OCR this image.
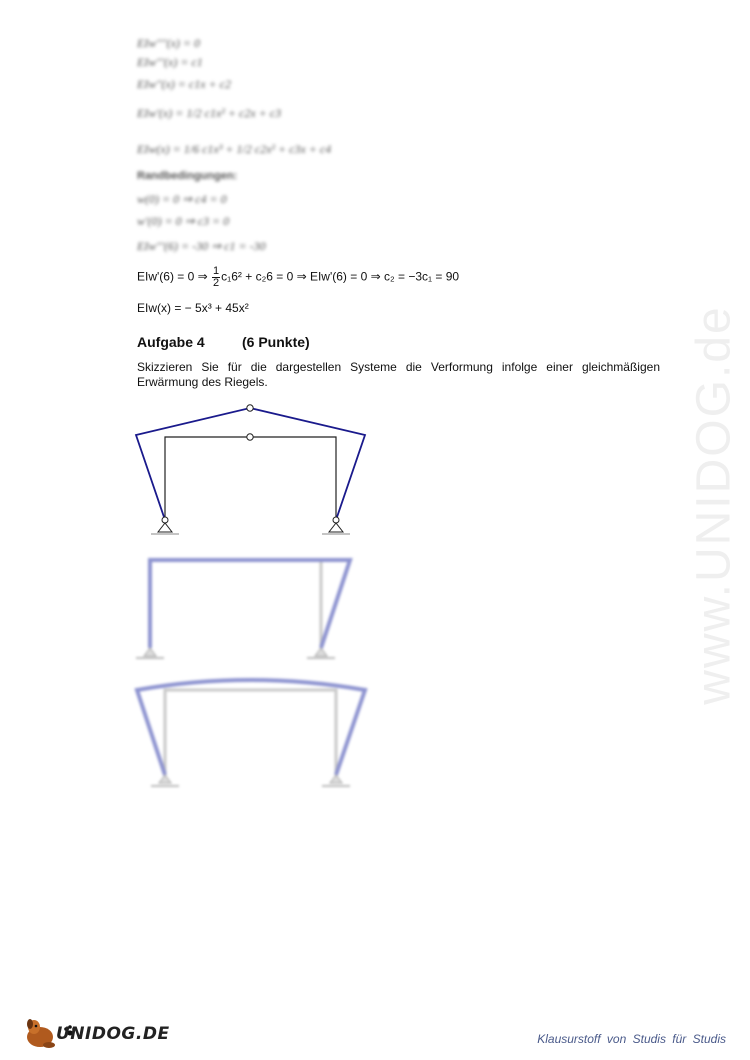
www.UNIDOG.de
EIw''''(x) = 0
EIw'''(x) = c1
EIw''(x) = c1x + c2
EIw'(x) = 1/2 c1x² + c2x + c3
EIw(x) = 1/6 c1x³ + 1/2 c2x² + c3x + c4
Randbedingungen:
w(0) = 0 ⇒ c4 = 0
w'(0) = 0 ⇒ c3 = 0
EIw'''(6) = -30 ⇒ c1 = -30
EIw'(6) = 0 ⇒ $\frac{1}{2} c_16^2 + c_26 = 0$ ⇒ EIw'(6) = 0 ⇒ c₂ = −3c₁ = 90
EIw(x) = − 5x³ + 45x²
Aufgabe 4	(6 Punkte)
Skizzieren Sie für die dargestellen Systeme die Verformung infolge einer gleichmäßigen Erwärmung des Riegels.
UNIDOG.DE	Klausurstoff von Studis für Studis
